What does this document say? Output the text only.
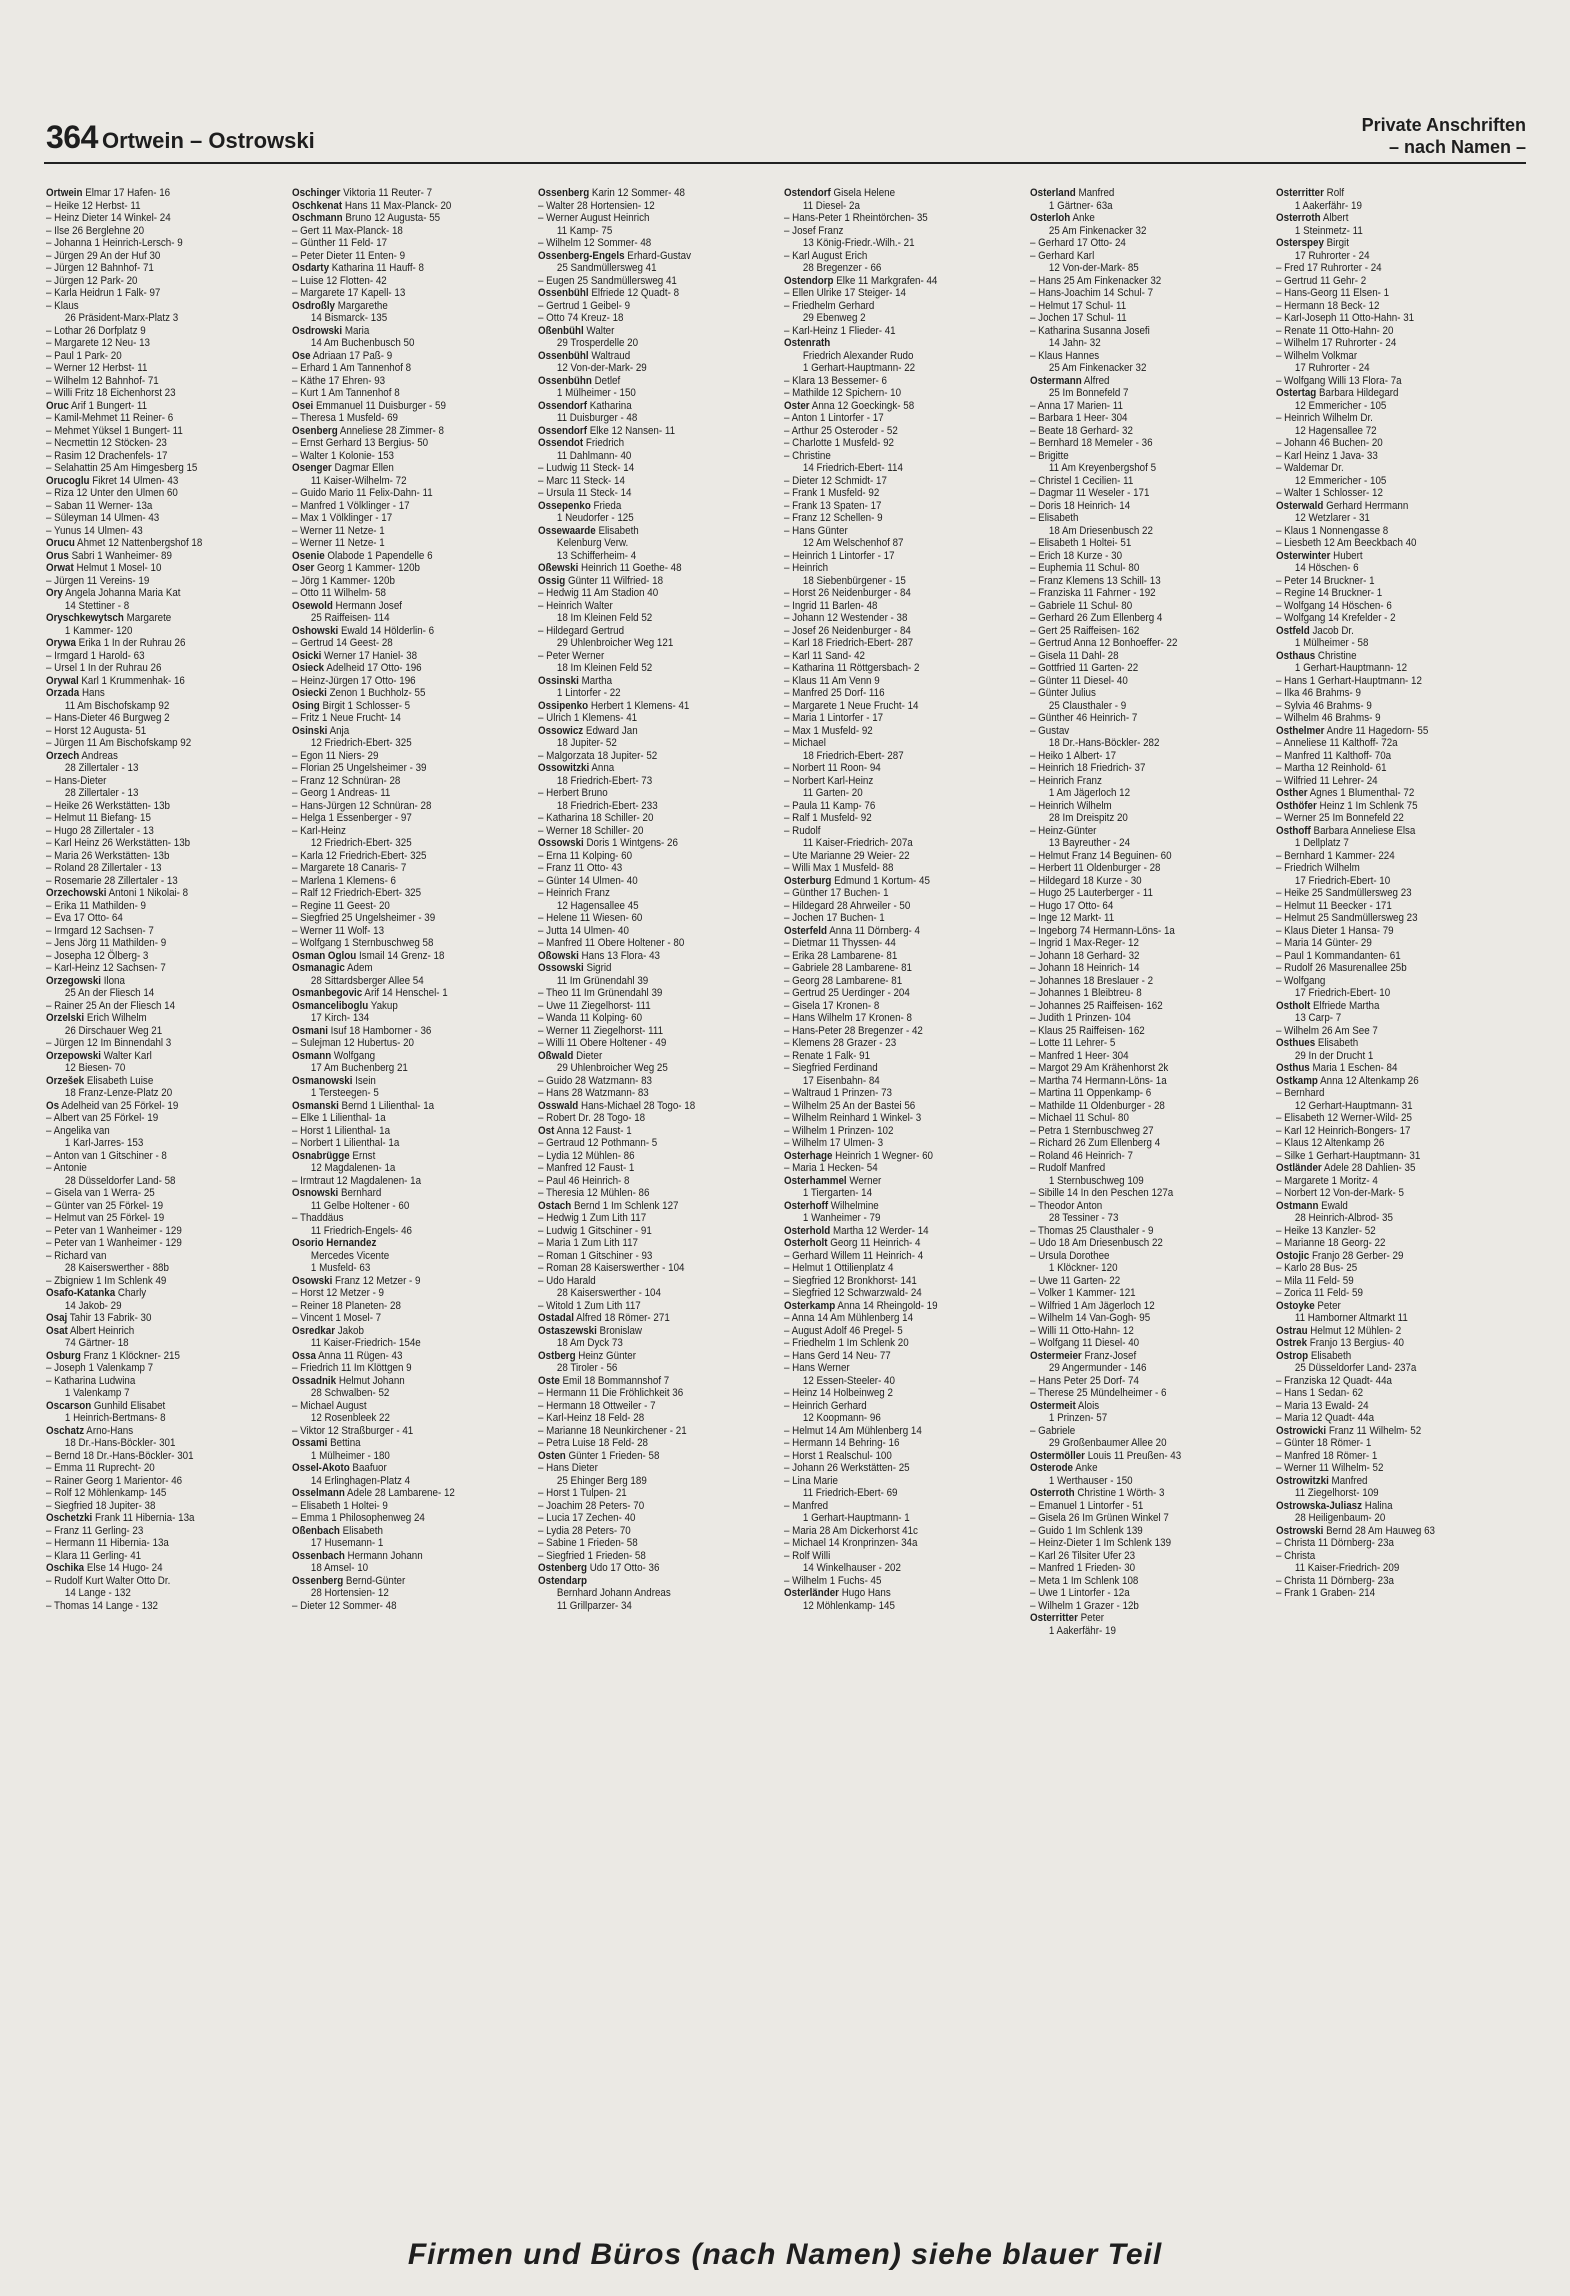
364 Ortwein – Ostrowski
Private Anschriften
– nach Namen –
Ortwein Elmar 17 Hafen- 16
– Heike 12 Herbst- 11
– Heinz Dieter 14 Winkel- 24
– Ilse 26 Berglehne 20
– Johanna 1 Heinrich-Lersch- 9
– Jürgen 29 An der Huf 30
– Jürgen 12 Bahnhof- 71
– Jürgen 12 Park- 20
– Karla Heidrun 1 Falk- 97
– Klaus
26 Präsident-Marx-Platz 3
– Lothar 26 Dorfplatz 9
– Margarete 12 Neu- 13
– Paul 1 Park- 20
– Werner 12 Herbst- 11
– Wilhelm 12 Bahnhof- 71
– Willi Fritz 18 Eichenhorst 23
Oruc Arif 1 Bungert- 11
– Kamil-Mehmet 11 Reiner- 6
– Mehmet Yüksel 1 Bungert- 11
– Necmettin 12 Stöcken- 23
– Rasim 12 Drachenfels- 17
– Selahattin 25 Am Himgesberg 15
Orucoglu Fikret 14 Ulmen- 43
– Riza 12 Unter den Ulmen 60
– Saban 11 Werner- 13a
– Süleyman 14 Ulmen- 43
– Yunus 14 Ulmen- 43
Orucu Ahmet 12 Nattenbergshof 18
Orus Sabri 1 Wanheimer- 89
Orwat Helmut 1 Mosel- 10
– Jürgen 11 Vereins- 19
Ory Angela Johanna Maria Kat
14 Stettiner - 8
Oryschkewytsch Margarete
1 Kammer- 120
Orywa Erika 1 In der Ruhrau 26
– Irmgard 1 Harold- 63
– Ursel 1 In der Ruhrau 26
Orywal Karl 1 Krummenhak- 16
Orzada Hans
11 Am Bischofskamp 92
– Hans-Dieter 46 Burgweg 2
– Horst 12 Augusta- 51
– Jürgen 11 Am Bischofskamp 92
Orzech Andreas
28 Zillertaler - 13
– Hans-Dieter
28 Zillertaler - 13
– Heike 26 Werkstätten- 13b
– Helmut 11 Biefang- 15
– Hugo 28 Zillertaler - 13
– Karl Heinz 26 Werkstätten- 13b
– Maria 26 Werkstätten- 13b
– Roland 28 Zillertaler - 13
– Rosemarie 28 Zillertaler - 13
Orzechowski Antoni 1 Nikolai- 8
– Erika 11 Mathilden- 9
– Eva 17 Otto- 64
– Irmgard 12 Sachsen- 7
– Jens Jörg 11 Mathilden- 9
– Josepha 12 Ölberg- 3
– Karl-Heinz 12 Sachsen- 7
Orzegowski Ilona
25 An der Fliesch 14
– Rainer 25 An der Fliesch 14
Orzelski Erich Wilhelm
26 Dirschauer Weg 21
– Jürgen 12 Im Binnendahl 3
Orzepowski Walter Karl
12 Biesen- 70
Orzešek Elisabeth Luise
18 Franz-Lenze-Platz 20
Os Adelheid van 25 Förkel- 19
– Albert van 25 Förkel- 19
– Angelika van
1 Karl-Jarres- 153
– Anton van 1 Gitschiner - 8
– Antonie
28 Düsseldorfer Land- 58
– Gisela van 1 Werra- 25
– Günter van 25 Förkel- 19
– Helmut van 25 Förkel- 19
– Peter van 1 Wanheimer - 129
– Peter van 1 Wanheimer - 129
– Richard van
28 Kaiserswerther - 88b
– Zbigniew 1 Im Schlenk 49
Osafo-Katanka Charly
14 Jakob- 29
Osaj Tahir 13 Fabrik- 30
Osat Albert Heinrich
74 Gärtner- 18
Osburg Franz 1 Klöckner- 215
– Joseph 1 Valenkamp 7
– Katharina Ludwina
1 Valenkamp 7
Oscarson Gunhild Elisabet
1 Heinrich-Bertmans- 8
Oschatz Arno-Hans
18 Dr.-Hans-Böckler- 301
– Bernd 18 Dr.-Hans-Böckler- 301
– Emma 11 Ruprecht- 20
– Rainer Georg 1 Marientor- 46
– Rolf 12 Möhlenkamp- 145
– Siegfried 18 Jupiter- 38
Oschetzki Frank 11 Hibernia- 13a
– Franz 11 Gerling- 23
– Hermann 11 Hibernia- 13a
– Klara 11 Gerling- 41
Oschika Else 14 Hugo- 24
– Rudolf Kurt Walter Otto Dr.
14 Lange - 132
– Thomas 14 Lange - 132
Oschinger Viktoria 11 Reuter- 7
Oschkenat Hans 11 Max-Planck- 20
Oschmann Bruno 12 Augusta- 55
– Gert 11 Max-Planck- 18
– Günther 11 Feld- 17
– Peter Dieter 11 Enten- 9
Osdarty Katharina 11 Hauff- 8
– Luise 12 Flotten- 42
– Margarete 17 Kapell- 13
Osdroßly Margarethe
14 Bismarck- 135
Osdrowski Maria
14 Am Buchenbusch 50
Ose Adriaan 17 Paß- 9
– Erhard 1 Am Tannenhof 8
– Käthe 17 Ehren- 93
– Kurt 1 Am Tannenhof 8
Osei Emmanuel 11 Duisburger - 59
– Theresa 1 Musfeld- 69
Osenberg Anneliese 28 Zimmer- 8
– Ernst Gerhard 13 Bergius- 50
– Walter 1 Kolonie- 153
Osenger Dagmar Ellen
11 Kaiser-Wilhelm- 72
– Guido Mario 11 Felix-Dahn- 11
– Manfred 1 Völklinger - 17
– Max 1 Völklinger - 17
– Werner 11 Netze- 1
– Werner 11 Netze- 1
Osenie Olabode 1 Papendelle 6
Oser Georg 1 Kammer- 120b
– Jörg 1 Kammer- 120b
– Otto 11 Wilhelm- 58
Osewold Hermann Josef
25 Raiffeisen- 114
Oshowski Ewald 14 Hölderlin- 6
– Gertrud 14 Geest- 28
Osicki Werner 17 Haniel- 38
Osieck Adelheid 17 Otto- 196
– Heinz-Jürgen 17 Otto- 196
Osiecki Zenon 1 Buchholz- 55
Osing Birgit 1 Schlosser- 5
– Fritz 1 Neue Frucht- 14
Osinski Anja
12 Friedrich-Ebert- 325
– Egon 11 Niers- 29
– Florian 25 Ungelsheimer - 39
– Franz 12 Schnüran- 28
– Georg 1 Andreas- 11
– Hans-Jürgen 12 Schnüran- 28
– Helga 1 Essenberger - 97
– Karl-Heinz
12 Friedrich-Ebert- 325
– Karla 12 Friedrich-Ebert- 325
– Margarete 18 Canaris- 7
– Marlena 1 Klemens- 6
– Ralf 12 Friedrich-Ebert- 325
– Regine 11 Geest- 20
– Siegfried 25 Ungelsheimer - 39
– Werner 11 Wolf- 13
– Wolfgang 1 Sternbuschweg 58
Osman Oglou Ismail 14 Grenz- 18
Osmanagic Adem
28 Sittardsberger Allee 54
Osmanbegovic Arif 14 Henschel- 1
Osmanceliboglu Yakup
17 Kirch- 134
Osmani Isuf 18 Hamborner - 36
– Sulejman 12 Hubertus- 20
Osmann Wolfgang
17 Am Buchenberg 21
Osmanowski Isein
1 Tersteegen- 5
Osmanski Bernd 1 Lilienthal- 1a
– Elke 1 Lilienthal- 1a
– Horst 1 Lilienthal- 1a
– Norbert 1 Lilienthal- 1a
Osnabrügge Ernst
12 Magdalenen- 1a
– Irmtraut 12 Magdalenen- 1a
Osnowski Bernhard
11 Gelbe Holtener - 60
– Thaddäus
11 Friedrich-Engels- 46
Osorio Hernandez
Mercedes Vicente
1 Musfeld- 63
Osowski Franz 12 Metzer - 9
– Horst 12 Metzer - 9
– Reiner 18 Planeten- 28
– Vincent 1 Mosel- 7
Osredkar Jakob
11 Kaiser-Friedrich- 154e
Ossa Anna 11 Rügen- 43
– Friedrich 11 Im Klöttgen 9
Ossadnik Helmut Johann
28 Schwalben- 52
– Michael August
12 Rosenbleek 22
– Viktor 12 Straßburger - 41
Ossami Bettina
1 Mülheimer - 180
Ossel-Akoto Baafuor
14 Erlinghagen-Platz 4
Osselmann Adele 28 Lambarene- 12
– Elisabeth 1 Holtei- 9
– Emma 1 Philosophenweg 24
Oßenbach Elisabeth
17 Husemann- 1
Ossenbach Hermann Johann
18 Amsel- 10
Ossenberg Bernd-Günter
28 Hortensien- 12
– Dieter 12 Sommer- 48
Ossenberg Karin 12 Sommer- 48
– Walter 28 Hortensien- 12
– Werner August Heinrich
11 Kamp- 75
– Wilhelm 12 Sommer- 48
Ossenberg-Engels Erhard-Gustav
25 Sandmüllersweg 41
– Eugen 25 Sandmüllersweg 41
Ossenbühl Elfriede 12 Quadt- 8
– Gertrud 1 Geibel- 9
– Otto 74 Kreuz- 18
Oßenbühl Walter
29 Trosperdelle 20
Ossenbühl Waltraud
12 Von-der-Mark- 29
Ossenbühn Detlef
1 Mülheimer - 150
Ossendorf Katharina
11 Duisburger - 48
Ossendorf Elke 12 Nansen- 11
Ossendot Friedrich
11 Dahlmann- 40
– Ludwig 11 Steck- 14
– Marc 11 Steck- 14
– Ursula 11 Steck- 14
Ossepenko Frieda
1 Neudorfer - 125
Ossewaarde Elisabeth
Kelenburg Verw.
13 Schifferheim- 4
Oßewski Heinrich 11 Goethe- 48
Ossig Günter 11 Wilfried- 18
– Hedwig 11 Am Stadion 40
– Heinrich Walter
18 Im Kleinen Feld 52
– Hildegard Gertrud
29 Uhlenbroicher Weg 121
– Peter Werner
18 Im Kleinen Feld 52
Ossinski Martha
1 Lintorfer - 22
Ossipenko Herbert 1 Klemens- 41
– Ulrich 1 Klemens- 41
Ossowicz Edward Jan
18 Jupiter- 52
– Malgorzata 18 Jupiter- 52
Ossowitzki Anna
18 Friedrich-Ebert- 73
– Herbert Bruno
18 Friedrich-Ebert- 233
– Katharina 18 Schiller- 20
– Werner 18 Schiller- 20
Ossowski Doris 1 Wintgens- 26
– Erna 11 Kolping- 60
– Franz 11 Otto- 43
– Günter 14 Ulmen- 40
– Heinrich Franz
12 Hagensallee 45
– Helene 11 Wiesen- 60
– Jutta 14 Ulmen- 40
– Manfred 11 Obere Holtener - 80
Oßowski Hans 13 Flora- 43
Ossowski Sigrid
11 Im Grünendahl 39
– Theo 11 Im Grünendahl 39
– Uwe 11 Ziegelhorst- 111
– Wanda 11 Kolping- 60
– Werner 11 Ziegelhorst- 111
– Willi 11 Obere Holtener - 49
Oßwald Dieter
29 Uhlenbroicher Weg 25
– Guido 28 Watzmann- 83
– Hans 28 Watzmann- 83
Osswald Hans-Michael 28 Togo- 18
– Robert Dr. 28 Togo- 18
Ost Anna 12 Faust- 1
– Gertraud 12 Pothmann- 5
– Lydia 12 Mühlen- 86
– Manfred 12 Faust- 1
– Paul 46 Heinrich- 8
– Theresia 12 Mühlen- 86
Ostach Bernd 1 Im Schlenk 127
– Hedwig 1 Zum Lith 117
– Ludwig 1 Gitschiner - 91
– Maria 1 Zum Lith 117
– Roman 1 Gitschiner - 93
– Roman 28 Kaiserswerther - 104
– Udo Harald
28 Kaiserswerther - 104
– Witold 1 Zum Lith 117
Ostadal Alfred 18 Römer- 271
Ostaszewski Bronislaw
18 Am Dyck 73
Ostberg Heinz Günter
28 Tiroler - 56
Oste Emil 18 Bommannshof 7
– Hermann 11 Die Fröhlichkeit 36
– Hermann 18 Ottweiler - 7
– Karl-Heinz 18 Feld- 28
– Marianne 18 Neunkirchener - 21
– Petra Luise 18 Feld- 28
Osten Günter 1 Frieden- 58
– Hans Dieter
25 Ehinger Berg 189
– Horst 1 Tulpen- 21
– Joachim 28 Peters- 70
– Lucia 17 Zechen- 40
– Lydia 28 Peters- 70
– Sabine 1 Frieden- 58
– Siegfried 1 Frieden- 58
Ostenberg Udo 17 Otto- 36
Ostendarp
Bernhard Johann Andreas
11 Grillparzer- 34
Ostendorf Gisela Helene
11 Diesel- 2a
– Hans-Peter 1 Rheintörchen- 35
– Josef Franz
13 König-Friedr.-Wilh.- 21
– Karl August Erich
28 Bregenzer - 66
Ostendorp Elke 11 Markgrafen- 44
– Ellen Ulrike 17 Steiger- 14
– Friedhelm Gerhard
29 Ebenweg 2
– Karl-Heinz 1 Flieder- 41
Ostenrath
Friedrich Alexander Rudo
1 Gerhart-Hauptmann- 22
– Klara 13 Bessemer- 6
– Mathilde 12 Spichern- 10
Oster Anna 12 Goeckingk- 58
– Anton 1 Lintorfer - 17
– Arthur 25 Osteroder - 52
– Charlotte 1 Musfeld- 92
– Christine
14 Friedrich-Ebert- 114
– Dieter 12 Schmidt- 17
– Frank 1 Musfeld- 92
– Frank 13 Spaten- 17
– Franz 12 Schellen- 9
– Hans Günter
12 Am Welschenhof 87
– Heinrich 1 Lintorfer - 17
– Heinrich
18 Siebenbürgener - 15
– Horst 26 Neidenburger - 84
– Ingrid 11 Barlen- 48
– Johann 12 Westender - 38
– Josef 26 Neidenburger - 84
– Karl 18 Friedrich-Ebert- 287
– Karl 11 Sand- 42
– Katharina 11 Röttgersbach- 2
– Klaus 11 Am Venn 9
– Manfred 25 Dorf- 116
– Margarete 1 Neue Frucht- 14
– Maria 1 Lintorfer - 17
– Max 1 Musfeld- 92
– Michael
18 Friedrich-Ebert- 287
– Norbert 11 Roon- 94
– Norbert Karl-Heinz
11 Garten- 20
– Paula 11 Kamp- 76
– Ralf 1 Musfeld- 92
– Rudolf
11 Kaiser-Friedrich- 207a
– Ute Marianne 29 Weier- 22
– Willi Max 1 Musfeld- 88
Osterburg Edmund 1 Kortum- 45
– Günther 17 Buchen- 1
– Hildegard 28 Ahrweiler - 50
– Jochen 17 Buchen- 1
Osterfeld Anna 11 Dörnberg- 4
– Dietmar 11 Thyssen- 44
– Erika 28 Lambarene- 81
– Gabriele 28 Lambarene- 81
– Georg 28 Lambarene- 81
– Gertrud 25 Uerdinger - 204
– Gisela 17 Kronen- 8
– Hans Wilhelm 17 Kronen- 8
– Hans-Peter 28 Bregenzer - 42
– Klemens 28 Grazer - 23
– Renate 1 Falk- 91
– Siegfried Ferdinand
17 Eisenbahn- 84
– Waltraud 1 Prinzen- 73
– Wilhelm 25 An der Bastei 56
– Wilhelm Reinhard 1 Winkel- 3
– Wilhelm 1 Prinzen- 102
– Wilhelm 17 Ulmen- 3
Osterhage Heinrich 1 Wegner- 60
– Maria 1 Hecken- 54
Osterhammel Werner
1 Tiergarten- 14
Osterhoff Wilhelmine
1 Wanheimer - 79
Osterhold Martha 12 Werder- 14
Osterholt Georg 11 Heinrich- 4
– Gerhard Willem 11 Heinrich- 4
– Helmut 1 Ottilienplatz 4
– Siegfried 12 Bronkhorst- 141
– Siegfried 12 Schwarzwald- 24
Osterkamp Anna 14 Rheingold- 19
– Anna 14 Am Mühlenberg 14
– August Adolf 46 Pregel- 5
– Friedhelm 1 Im Schlenk 20
– Hans Gerd 14 Neu- 77
– Hans Werner
12 Essen-Steeler- 40
– Heinz 14 Holbeinweg 2
– Heinrich Gerhard
12 Koopmann- 96
– Helmut 14 Am Mühlenberg 14
– Hermann 14 Behring- 16
– Horst 1 Realschul- 100
– Johann 26 Werkstätten- 25
– Lina Marie
11 Friedrich-Ebert- 69
– Manfred
1 Gerhart-Hauptmann- 1
– Maria 28 Am Dickerhorst 41c
– Michael 14 Kronprinzen- 34a
– Rolf Willi
14 Winkelhauser - 202
– Wilhelm 1 Fuchs- 45
Osterländer Hugo Hans
12 Möhlenkamp- 145
Osterland Manfred
1 Gärtner- 63a
Osterloh Anke
25 Am Finkenacker 32
– Gerhard 17 Otto- 24
– Gerhard Karl
12 Von-der-Mark- 85
– Hans 25 Am Finkenacker 32
– Hans-Joachim 14 Schul- 7
– Helmut 17 Schul- 11
– Jochen 17 Schul- 11
– Katharina Susanna Josefi
14 Jahn- 32
– Klaus Hannes
25 Am Finkenacker 32
Ostermann Alfred
25 Im Bonnefeld 7
– Anna 17 Marien- 11
– Barbara 1 Heer- 304
– Beate 18 Gerhard- 32
– Bernhard 18 Memeler - 36
– Brigitte
11 Am Kreyenbergshof 5
– Christel 1 Cecilien- 11
– Dagmar 11 Weseler - 171
– Doris 18 Heinrich- 14
– Elisabeth
18 Am Driesenbusch 22
– Elisabeth 1 Holtei- 51
– Erich 18 Kurze - 30
– Euphemia 11 Schul- 80
– Franz Klemens 13 Schill- 13
– Franziska 11 Fahrner - 192
– Gabriele 11 Schul- 80
– Gerhard 26 Zum Ellenberg 4
– Gert 25 Raiffeisen- 162
– Gertrud Anna 12 Bonhoeffer- 22
– Gisela 11 Dahl- 28
– Gottfried 11 Garten- 22
– Günter 11 Diesel- 40
– Günter Julius
25 Clausthaler - 9
– Günther 46 Heinrich- 7
– Gustav
18 Dr.-Hans-Böckler- 282
– Heiko 1 Albert- 17
– Heinrich 18 Friedrich- 37
– Heinrich Franz
1 Am Jägerloch 12
– Heinrich Wilhelm
28 Im Dreispitz 20
– Heinz-Günter
13 Bayreuther - 24
– Helmut Franz 14 Beguinen- 60
– Herbert 11 Oldenburger - 28
– Hildegard 18 Kurze - 30
– Hugo 25 Lauterberger - 11
– Hugo 17 Otto- 64
– Inge 12 Markt- 11
– Ingeborg 74 Hermann-Löns- 1a
– Ingrid 1 Max-Reger- 12
– Johann 18 Gerhard- 32
– Johann 18 Heinrich- 14
– Johannes 18 Breslauer - 2
– Johannes 1 Bleibtreu- 8
– Johannes 25 Raiffeisen- 162
– Judith 1 Prinzen- 104
– Klaus 25 Raiffeisen- 162
– Lotte 11 Lehrer- 5
– Manfred 1 Heer- 304
– Margot 29 Am Krähenhorst 2k
– Martha 74 Hermann-Löns- 1a
– Martina 11 Oppenkamp- 6
– Mathilde 11 Oldenburger - 28
– Michael 11 Schul- 80
– Petra 1 Sternbuschweg 27
– Richard 26 Zum Ellenberg 4
– Roland 46 Heinrich- 7
– Rudolf Manfred
1 Sternbuschweg 109
– Sibille 14 In den Peschen 127a
– Theodor Anton
28 Tessiner - 73
– Thomas 25 Clausthaler - 9
– Udo 18 Am Driesenbusch 22
– Ursula Dorothee
1 Klöckner- 120
– Uwe 11 Garten- 22
– Volker 1 Kammer- 121
– Wilfried 1 Am Jägerloch 12
– Wilhelm 14 Van-Gogh- 95
– Willi 11 Otto-Hahn- 12
– Wolfgang 11 Diesel- 40
Ostermeier Franz-Josef
29 Angermunder - 146
– Hans Peter 25 Dorf- 74
– Therese 25 Mündelheimer - 6
Ostermeit Alois
1 Prinzen- 57
– Gabriele
29 Großenbaumer Allee 20
Ostermöller Louis 11 Preußen- 43
Osterode Anke
1 Werthauser - 150
Osterroth Christine 1 Wörth- 3
– Emanuel 1 Lintorfer - 51
– Gisela 26 Im Grünen Winkel 7
– Guido 1 Im Schlenk 139
– Heinz-Dieter 1 Im Schlenk 139
– Karl 26 Tilsiter Ufer 23
– Manfred 1 Frieden- 30
– Meta 1 Im Schlenk 108
– Uwe 1 Lintorfer - 12a
– Wilhelm 1 Grazer - 12b
Osterritter Peter
1 Aakerfähr- 19
Osterritter Rolf
1 Aakerfähr- 19
Osterroth Albert
1 Steinmetz- 11
Osterspey Birgit
17 Ruhrorter - 24
– Fred 17 Ruhrorter - 24
– Gertrud 11 Gehr- 2
– Hans-Georg 11 Elsen- 1
– Hermann 18 Beck- 12
– Karl-Joseph 11 Otto-Hahn- 31
– Renate 11 Otto-Hahn- 20
– Wilhelm 17 Ruhrorter - 24
– Wilhelm Volkmar
17 Ruhrorter - 24
– Wolfgang Willi 13 Flora- 7a
Ostertag Barbara Hildegard
12 Emmericher - 105
– Heinrich Wilhelm Dr.
12 Hagensallee 72
– Johann 46 Buchen- 20
– Karl Heinz 1 Java- 33
– Waldemar Dr.
12 Emmericher - 105
– Walter 1 Schlosser- 12
Osterwald Gerhard Herrmann
12 Wetzlarer - 31
– Klaus 1 Nonnengasse 8
– Liesbeth 12 Am Beeckbach 40
Osterwinter Hubert
14 Höschen- 6
– Peter 14 Bruckner- 1
– Regine 14 Bruckner- 1
– Wolfgang 14 Höschen- 6
– Wolfgang 14 Krefelder - 2
Ostfeld Jacob Dr.
1 Mülheimer - 58
Osthaus Christine
1 Gerhart-Hauptmann- 12
– Hans 1 Gerhart-Hauptmann- 12
– Ilka 46 Brahms- 9
– Sylvia 46 Brahms- 9
– Wilhelm 46 Brahms- 9
Osthelmer Andre 11 Hagedorn- 55
– Anneliese 11 Kalthoff- 72a
– Manfred 11 Kalthoff- 70a
– Martha 12 Reinhold- 61
– Wilfried 11 Lehrer- 24
Osther Agnes 1 Blumenthal- 72
Osthöfer Heinz 1 Im Schlenk 75
– Werner 25 Im Bonnefeld 22
Osthoff Barbara Anneliese Elsa
1 Dellplatz 7
– Bernhard 1 Kammer- 224
– Friedrich Wilhelm
17 Friedrich-Ebert- 10
– Heike 25 Sandmüllersweg 23
– Helmut 11 Beecker - 171
– Helmut 25 Sandmüllersweg 23
– Klaus Dieter 1 Hansa- 79
– Maria 14 Günter- 29
– Paul 1 Kommandanten- 61
– Rudolf 26 Masurenallee 25b
– Wolfgang
17 Friedrich-Ebert- 10
Ostholt Elfriede Martha
13 Carp- 7
– Wilhelm 26 Am See 7
Osthues Elisabeth
29 In der Drucht 1
Osthus Maria 1 Eschen- 84
Ostkamp Anna 12 Altenkamp 26
– Bernhard
12 Gerhart-Hauptmann- 31
– Elisabeth 12 Werner-Wild- 25
– Karl 12 Heinrich-Bongers- 17
– Klaus 12 Altenkamp 26
– Silke 1 Gerhart-Hauptmann- 31
Ostländer Adele 28 Dahlien- 35
– Margarete 1 Moritz- 4
– Norbert 12 Von-der-Mark- 5
Ostmann Ewald
28 Heinrich-Albrod- 35
– Heike 13 Kanzler- 52
– Marianne 18 Georg- 22
Ostojic Franjo 28 Gerber- 29
– Karlo 28 Bus- 25
– Mila 11 Feld- 59
– Zorica 11 Feld- 59
Ostoyke Peter
11 Hamborner Altmarkt 11
Ostrau Helmut 12 Mühlen- 2
Ostrek Franjo 13 Bergius- 40
Ostrop Elisabeth
25 Düsseldorfer Land- 237a
– Franziska 12 Quadt- 44a
– Hans 1 Sedan- 62
– Maria 13 Ewald- 24
– Maria 12 Quadt- 44a
Ostrowicki Franz 11 Wilhelm- 52
– Günter 18 Römer- 1
– Manfred 18 Römer- 1
– Werner 11 Wilhelm- 52
Ostrowitzki Manfred
11 Ziegelhorst- 109
Ostrowska-Juliasz Halina
28 Heiligenbaum- 20
Ostrowski Bernd 28 Am Hauweg 63
– Christa 11 Dörnberg- 23a
– Christa
11 Kaiser-Friedrich- 209
– Christa 11 Dörnberg- 23a
– Frank 1 Graben- 214
Firmen und Büros (nach Namen) siehe blauer Teil
